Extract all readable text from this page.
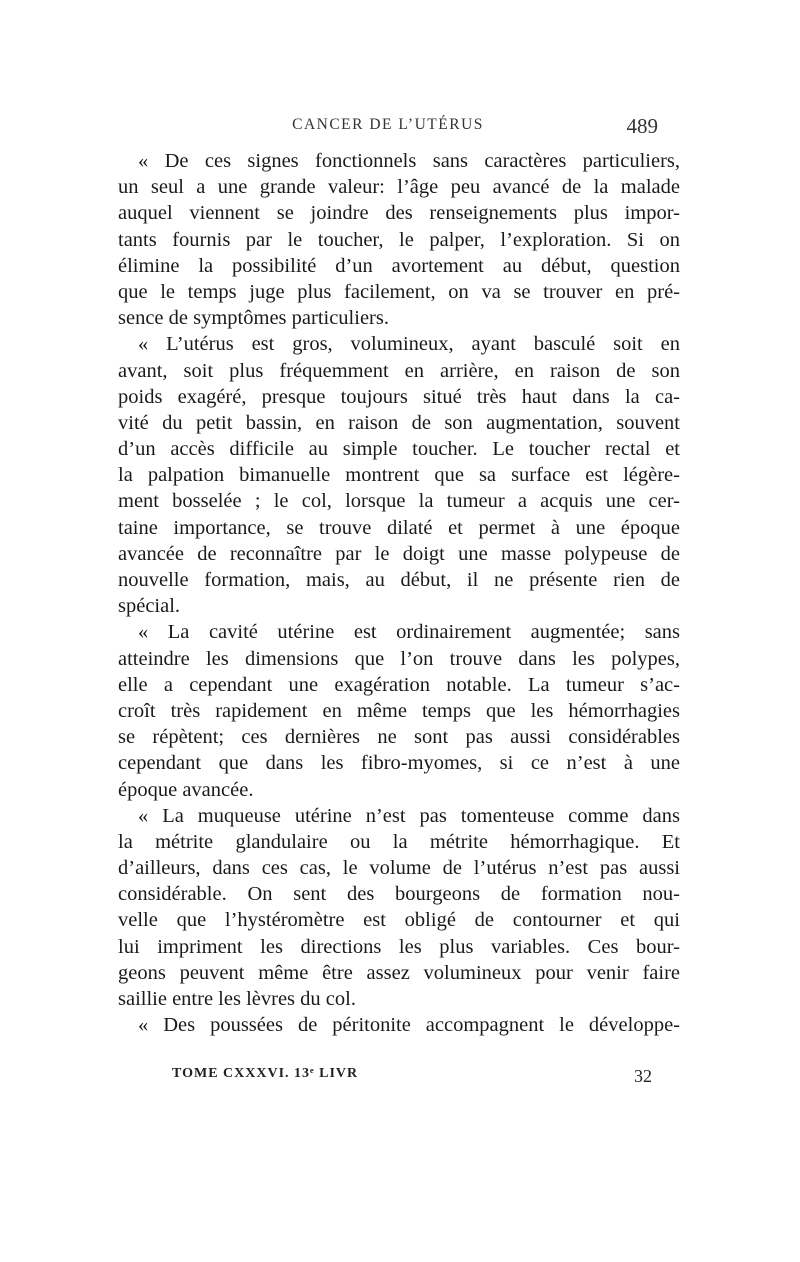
CANCER DE L’UTÉRUS	489
« De ces signes fonctionnels sans caractères particuliers,
un seul a une grande valeur: l’âge peu avancé de la malade
auquel viennent se joindre des renseignements plus impor-
tants fournis par le toucher, le palper, l’exploration. Si on
élimine la possibilité d’un avortement au début, question
que le temps juge plus facilement, on va se trouver en pré-
sence de symptômes particuliers.
« L’utérus est gros, volumineux, ayant basculé soit en
avant, soit plus fréquemment en arrière, en raison de son
poids exagéré, presque toujours situé très haut dans la ca-
vité du petit bassin, en raison de son augmentation, souvent
d’un accès difficile au simple toucher. Le toucher rectal et
la palpation bimanuelle montrent que sa surface est légère-
ment bosselée ; le col, lorsque la tumeur a acquis une cer-
taine importance, se trouve dilaté et permet à une époque
avancée de reconnaître par le doigt une masse polypeuse de
nouvelle formation, mais, au début, il ne présente rien de
spécial.
« La cavité utérine est ordinairement augmentée; sans
atteindre les dimensions que l’on trouve dans les polypes,
elle a cependant une exagération notable. La tumeur s’ac-
croît très rapidement en même temps que les hémorrhagies
se répètent; ces dernières ne sont pas aussi considérables
cependant que dans les fibro-myomes, si ce n’est à une
époque avancée.
« La muqueuse utérine n’est pas tomenteuse comme dans
la métrite glandulaire ou la métrite hémorrhagique. Et
d’ailleurs, dans ces cas, le volume de l’utérus n’est pas aussi
considérable. On sent des bourgeons de formation nou-
velle que l’hystéromètre est obligé de contourner et qui
lui impriment les directions les plus variables. Ces bour-
geons peuvent même être assez volumineux pour venir faire
saillie entre les lèvres du col.
« Des poussées de péritonite accompagnent le développe-
TOME CXXXVI. 13ᵉ LIVR	32
